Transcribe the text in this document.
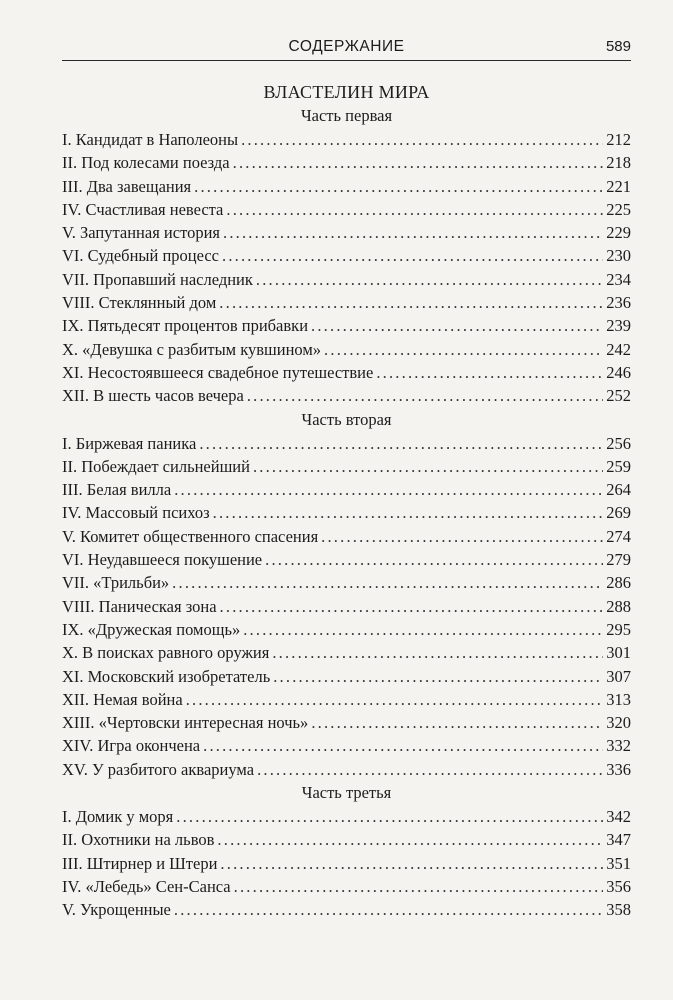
СОДЕРЖАНИЕ	589
ВЛАСТЕЛИН МИРА
Часть первая
I. Кандидат в Наполеоны .....	212
II. Под колесами поезда .....	218
III. Два завещания .....	221
IV. Счастливая невеста .....	225
V. Запутанная история .....	229
VI. Судебный процесс .....	230
VII. Пропавший наследник .....	234
VIII. Стеклянный дом .....	236
IX. Пятьдесят процентов прибавки .....	239
X. «Девушка с разбитым кувшином» .....	242
XI. Несостоявшееся свадебное путешествие .....	246
XII. В шесть часов вечера .....	252
Часть вторая
I. Биржевая паника .....	256
II. Побеждает сильнейший .....	259
III. Белая вилла .....	264
IV. Массовый психоз .....	269
V. Комитет общественного спасения .....	274
VI. Неудавшееся покушение .....	279
VII. «Трильби» .....	286
VIII. Паническая зона .....	288
IX. «Дружеская помощь» .....	295
X. В поисках равного оружия .....	301
XI. Московский изобретатель .....	307
XII. Немая война .....	313
XIII. «Чертовски интересная ночь» .....	320
XIV. Игра окончена .....	332
XV. У разбитого аквариума .....	336
Часть третья
I. Домик у моря .....	342
II. Охотники на львов .....	347
III. Штирнер и Штери .....	351
IV. «Лебедь» Сен-Санса .....	356
V. Укрощенные .....	358
